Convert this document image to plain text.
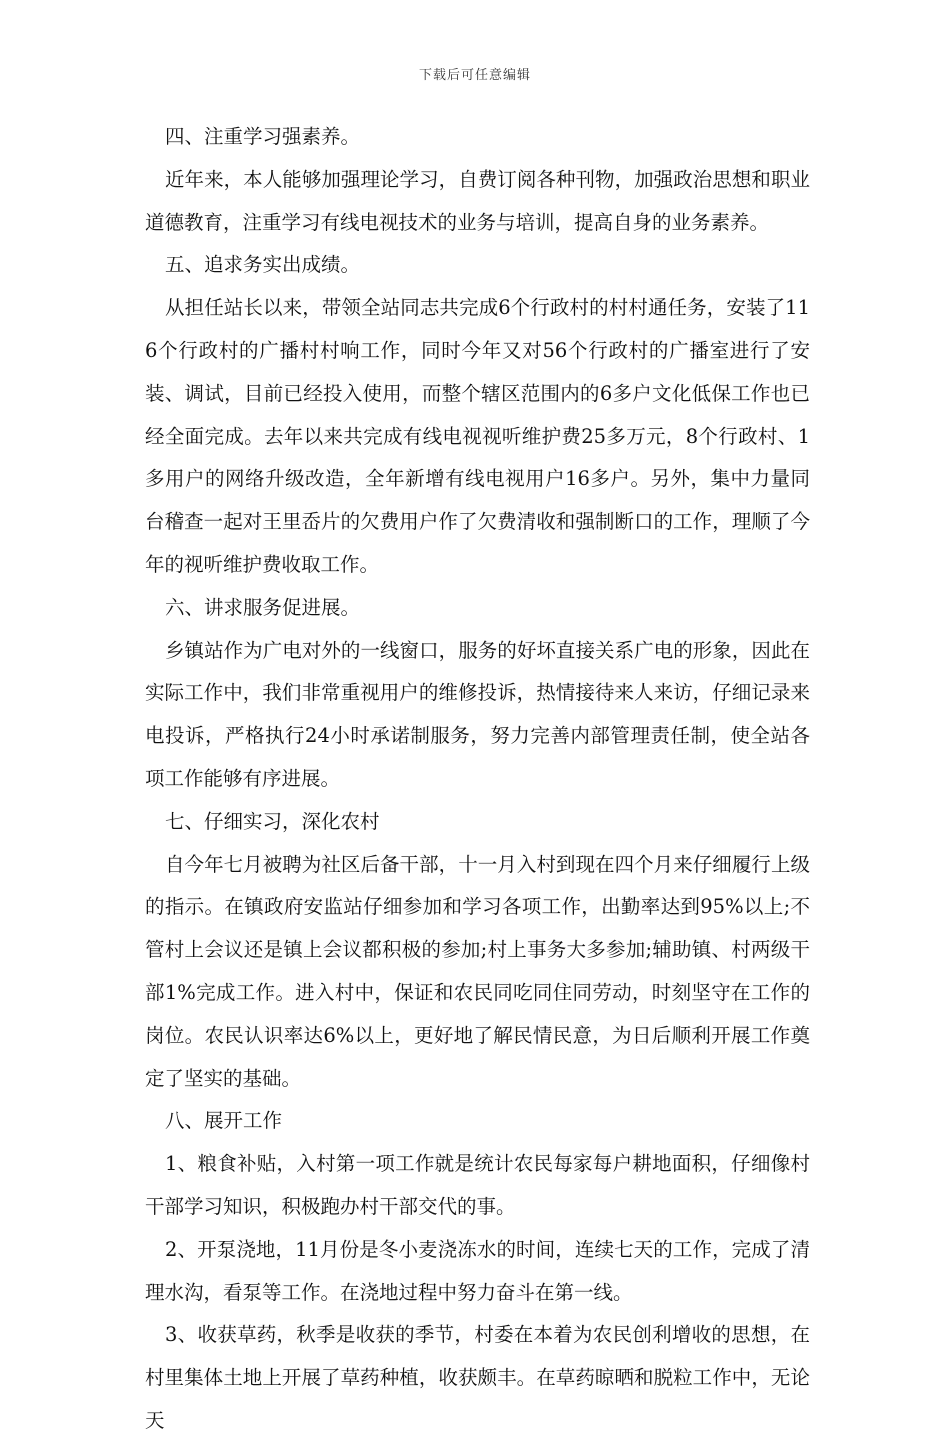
下载后可任意编辑

四、注重学习强素养。

近年来，本人能够加强理论学习，自费订阅各种刊物，加强政治思想和职业道德教育，注重学习有线电视技术的业务与培训，提高自身的业务素养。

五、追求务实出成绩。

从担任站长以来，带领全站同志共完成6个行政村的村村通任务，安装了116个行政村的广播村村响工作，同时今年又对56个行政村的广播室进行了安装、调试，目前已经投入使用，而整个辖区范围内的6多户文化低保工作也已经全面完成。去年以来共完成有线电视视听维护费25多万元，8个行政村、1多用户的网络升级改造，全年新增有线电视用户16多户。另外，集中力量同台稽查一起对王里岙片的欠费用户作了欠费清收和强制断口的工作，理顺了今年的视听维护费收取工作。

六、讲求服务促进展。

乡镇站作为广电对外的一线窗口，服务的好坏直接关系广电的形象，因此在实际工作中，我们非常重视用户的维修投诉，热情接待来人来访，仔细记录来电投诉，严格执行24小时承诺制服务，努力完善内部管理责任制，使全站各项工作能够有序进展。

七、仔细实习，深化农村

自今年七月被聘为社区后备干部，十一月入村到现在四个月来仔细履行上级的指示。在镇政府安监站仔细参加和学习各项工作，出勤率达到95%以上;不管村上会议还是镇上会议都积极的参加;村上事务大多参加;辅助镇、村两级干部1%完成工作。进入村中，保证和农民同吃同住同劳动，时刻坚守在工作的岗位。农民认识率达6%以上，更好地了解民情民意，为日后顺利开展工作奠定了坚实的基础。

八、展开工作

1、粮食补贴，入村第一项工作就是统计农民每家每户耕地面积，仔细像村干部学习知识，积极跑办村干部交代的事。

2、开泵浇地，11月份是冬小麦浇冻水的时间，连续七天的工作，完成了清理水沟，看泵等工作。在浇地过程中努力奋斗在第一线。

3、收获草药，秋季是收获的季节，村委在本着为农民创利增收的思想，在村里集体土地上开展了草药种植，收获颇丰。在草药晾晒和脱粒工作中，无论天
